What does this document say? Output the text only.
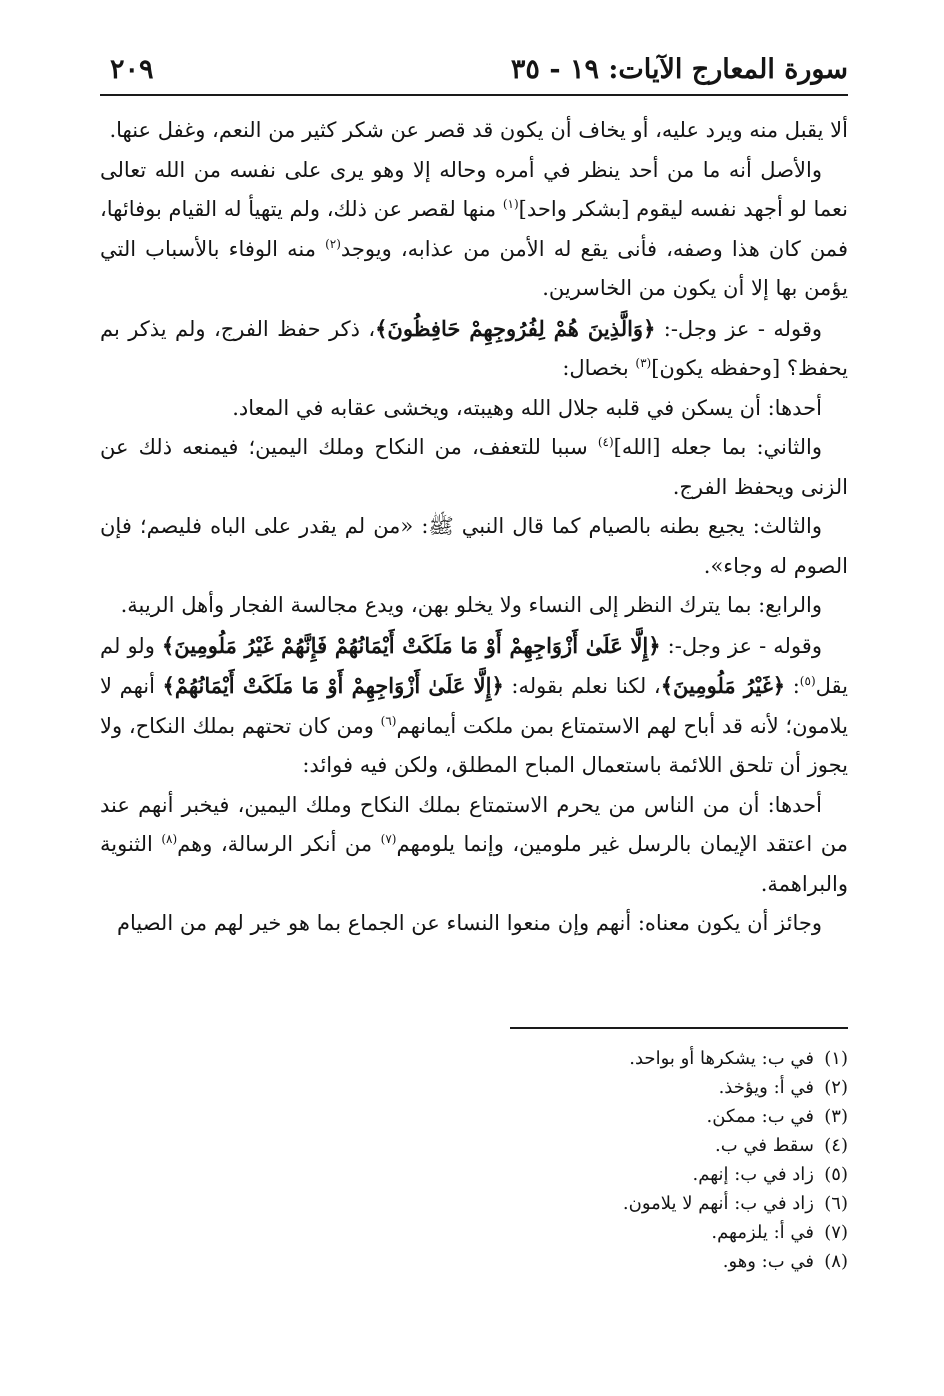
سورة المعارج الآيات: ١٩ - ٣٥
٢٠٩

ألا يقبل منه ويرد عليه، أو يخاف أن يكون قد قصر عن شكر كثير من النعم، وغفل عنها.

والأصل أنه ما من أحد ينظر في أمره وحاله إلا وهو يرى على نفسه من الله تعالى نعما لو أجهد نفسه ليقوم [بشكر واحد]$^{(١)}$ منها لقصر عن ذلك، ولم يتهيأ له القيام بوفائها، فمن كان هذا وصفه، فأنى يقع له الأمن من عذابه، ويوجد$^{(٢)}$ منه الوفاء بالأسباب التي يؤمن بها إلا أن يكون من الخاسرين.

وقوله - عز وجل-: ﴿وَالَّذِينَ هُمْ لِفُرُوجِهِمْ حَافِظُونَ﴾، ذكر حفظ الفرج، ولم يذكر بم يحفظ؟ [وحفظه يكون]$^{(٣)}$ بخصال:

أحدها: أن يسكن في قلبه جلال الله وهيبته، ويخشى عقابه في المعاد.

والثاني: بما جعله [الله]$^{(٤)}$ سببا للتعفف، من النكاح وملك اليمين؛ فيمنعه ذلك عن الزنى ويحفظ الفرج.

والثالث: يجيع بطنه بالصيام كما قال النبي ﷺ: «من لم يقدر على الباه فليصم؛ فإن الصوم له وجاء».

والرابع: بما يترك النظر إلى النساء ولا يخلو بهن، ويدع مجالسة الفجار وأهل الريبة.

وقوله - عز وجل-: ﴿إِلَّا عَلَىٰ أَزْوَاجِهِمْ أَوْ مَا مَلَكَتْ أَيْمَانُهُمْ فَإِنَّهُمْ غَيْرُ مَلُومِينَ﴾ ولو لم يقل$^{(٥)}$: ﴿غَيْرُ مَلُومِينَ﴾، لكنا نعلم بقوله: ﴿إِلَّا عَلَىٰ أَزْوَاجِهِمْ أَوْ مَا مَلَكَتْ أَيْمَانُهُمْ﴾ أنهم لا يلامون؛ لأنه قد أباح لهم الاستمتاع بمن ملكت أيمانهم$^{(٦)}$ ومن كان تحتهم بملك النكاح، ولا يجوز أن تلحق اللائمة باستعمال المباح المطلق، ولكن فيه فوائد:

أحدها: أن من الناس من يحرم الاستمتاع بملك النكاح وملك اليمين، فيخبر أنهم عند من اعتقد الإيمان بالرسل غير ملومين، وإنما يلومهم$^{(٧)}$ من أنكر الرسالة، وهم$^{(٨)}$ الثنوية والبراهمة.

وجائز أن يكون معناه: أنهم وإن منعوا النساء عن الجماع بما هو خير لهم من الصيام

(١)في ب: يشكرها أو بواحد.

(٢)في أ: ويؤخذ.

(٣)في ب: ممكن.

(٤)سقط في ب.

(٥)زاد في ب: إنهم.

(٦)زاد في ب: أنهم لا يلامون.

(٧)في أ: يلزمهم.

(٨)في ب: وهو.
